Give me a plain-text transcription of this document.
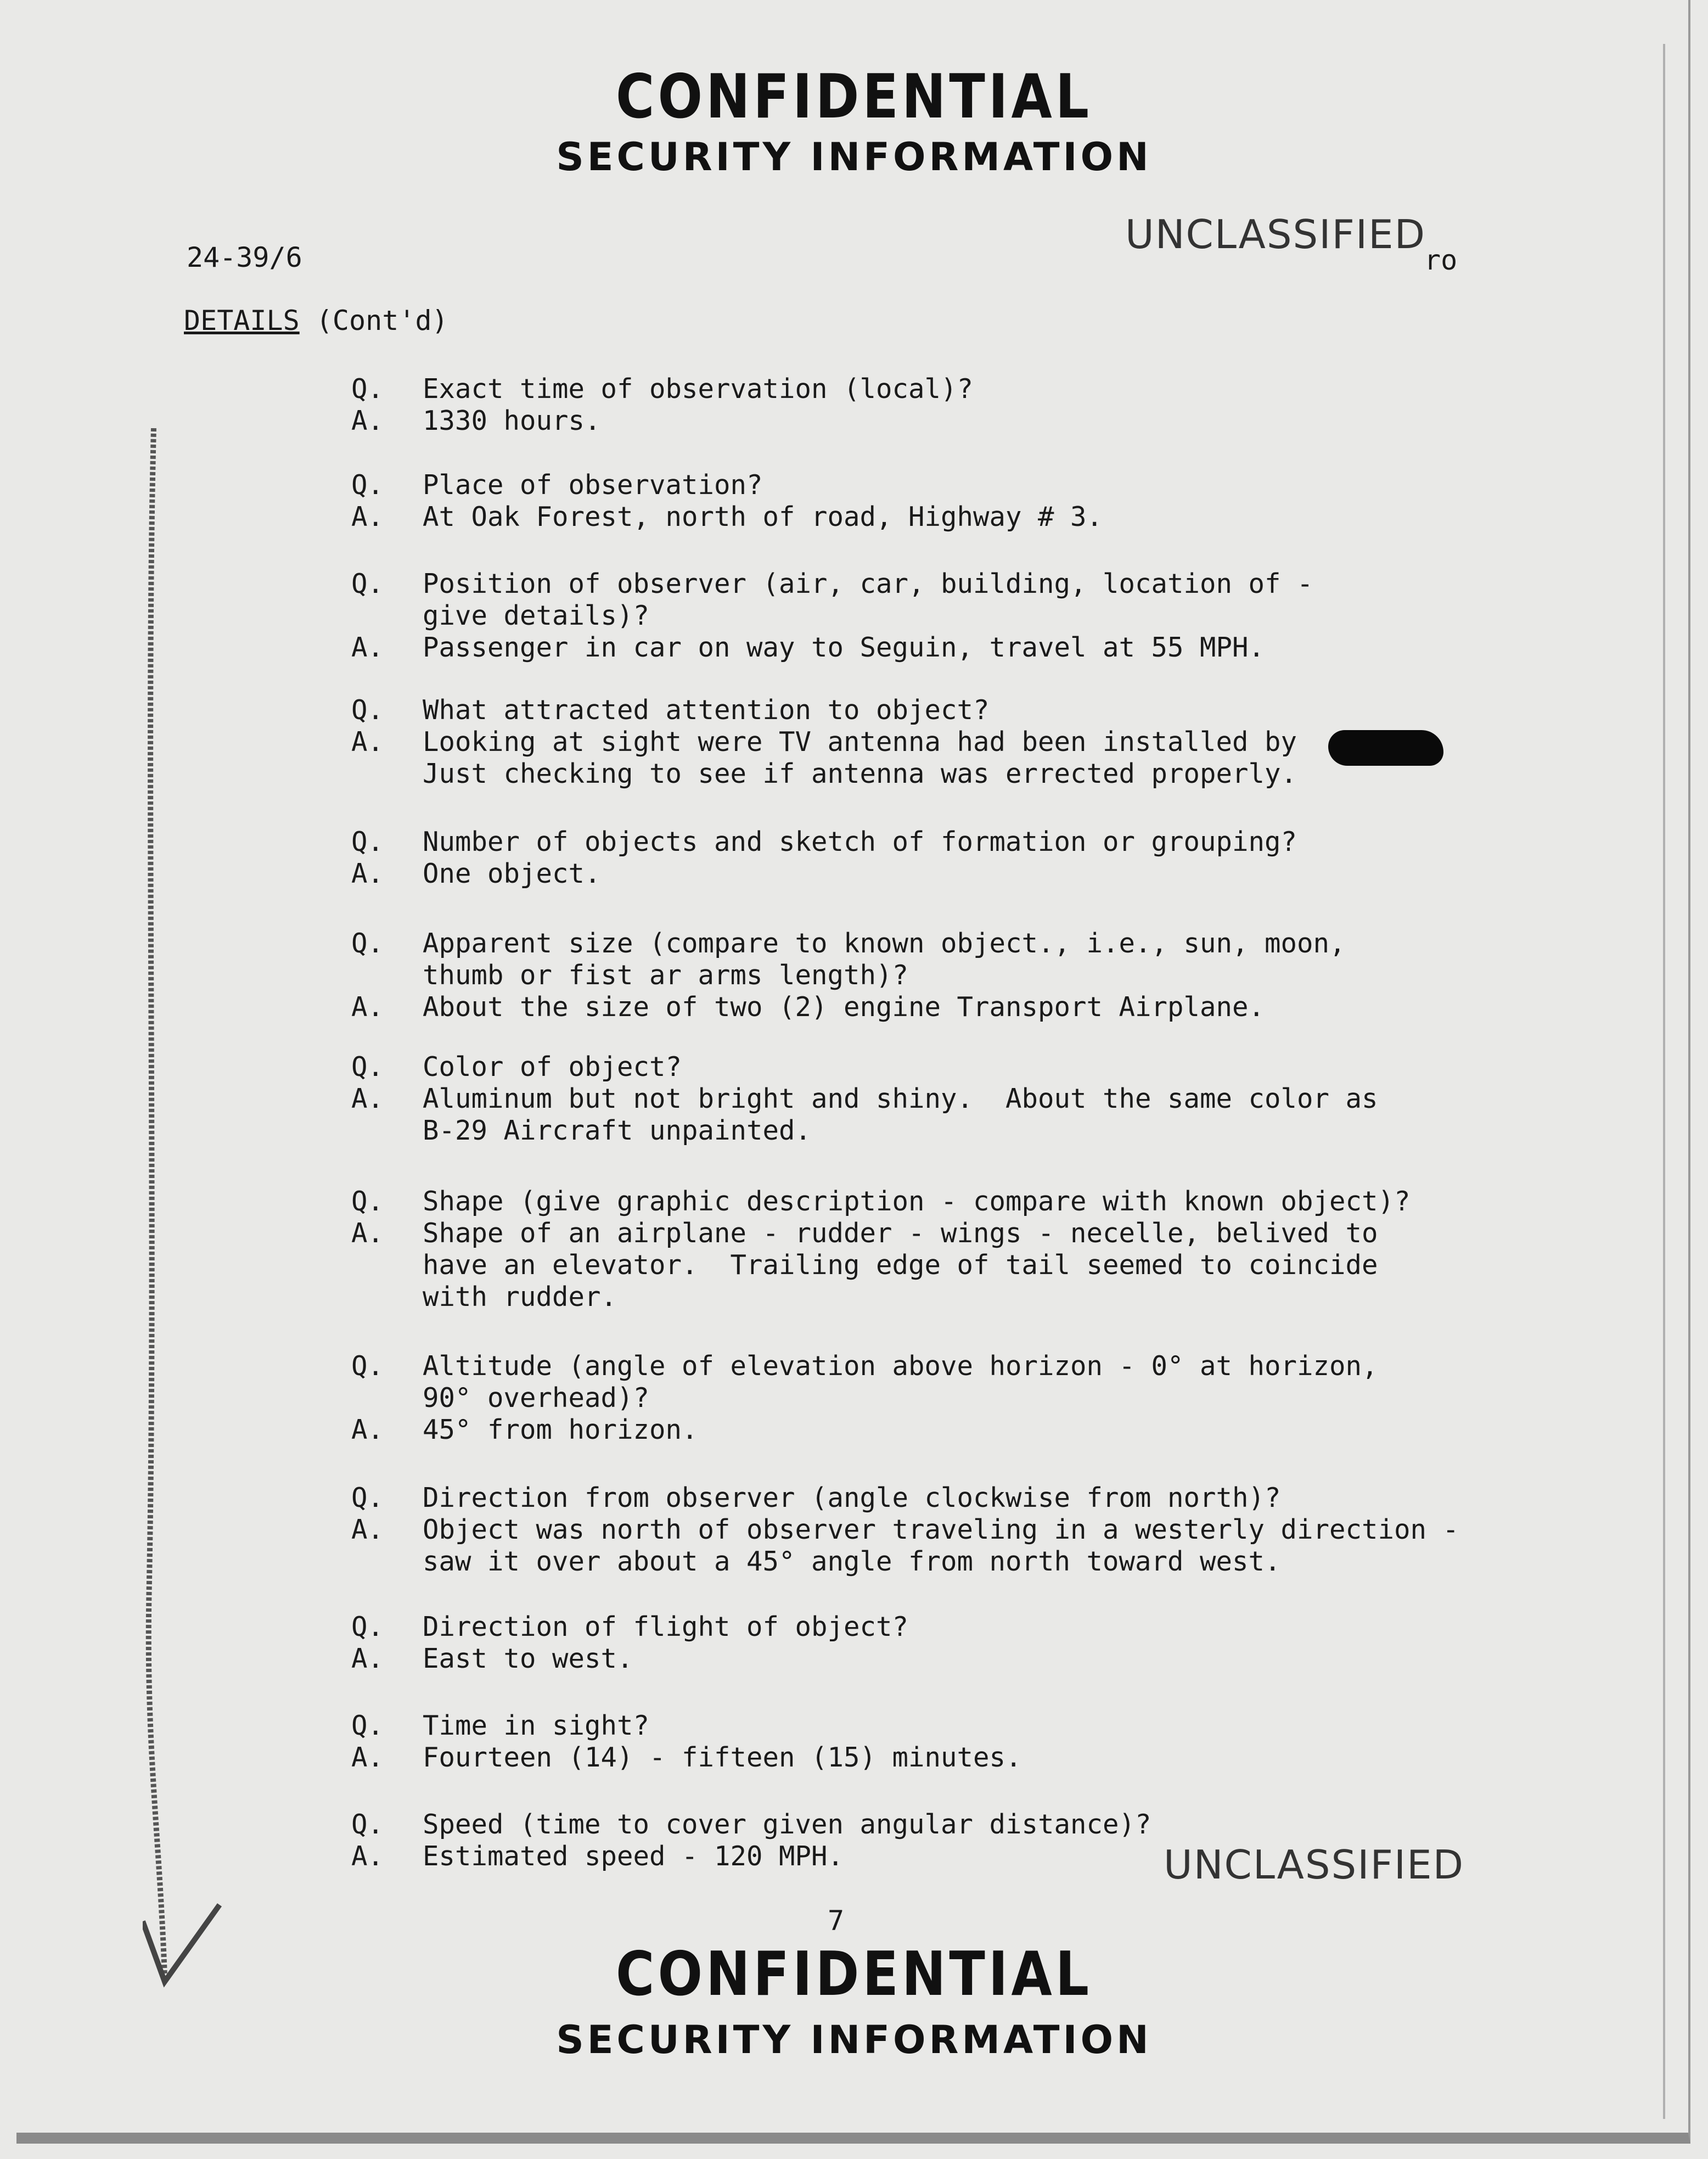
CONFIDENTIAL
SECURITY INFORMATION
24-39/6	UNCLASSIFIED
ro
DETAILS (Cont'd)
Q.	Exact time of observation (local)?
A.	1330 hours.
Q.	Place of observation?
A.	At Oak Forest, north of road, Highway # 3.
Q.	Position of observer (air, car, building, location of -
give details)?
A.	Passenger in car on way to Seguin, travel at 55 MPH.
Q.	What attracted attention to object?
A.	Looking at sight were TV antenna had been installed by
Just checking to see if antenna was errected properly.
Q.	Number of objects and sketch of formation or grouping?
A.	One object.
Q.	Apparent size (compare to known object., i.e., sun, moon,
thumb or fist ar arms length)?
A.	About the size of two (2) engine Transport Airplane.
Q.	Color of object?
A.	Aluminum but not bright and shiny.  About the same color as
B-29 Aircraft unpainted.
Q.	Shape (give graphic description - compare with known object)?
A.	Shape of an airplane - rudder - wings - necelle, belived to
have an elevator.  Trailing edge of tail seemed to coincide
with rudder.
Q.	Altitude (angle of elevation above horizon - 0° at horizon,
90° overhead)?
A.	45° from horizon.
Q.	Direction from observer (angle clockwise from north)?
A.	Object was north of observer traveling in a westerly direction -
saw it over about a 45° angle from north toward west.
Q.	Direction of flight of object?
A.	East to west.
Q.	Time in sight?
A.	Fourteen (14) - fifteen (15) minutes.
Q.	Speed (time to cover given angular distance)?
A.	Estimated speed - 120 MPH.	UNCLASSIFIED
7
CONFIDENTIAL
SECURITY INFORMATION
